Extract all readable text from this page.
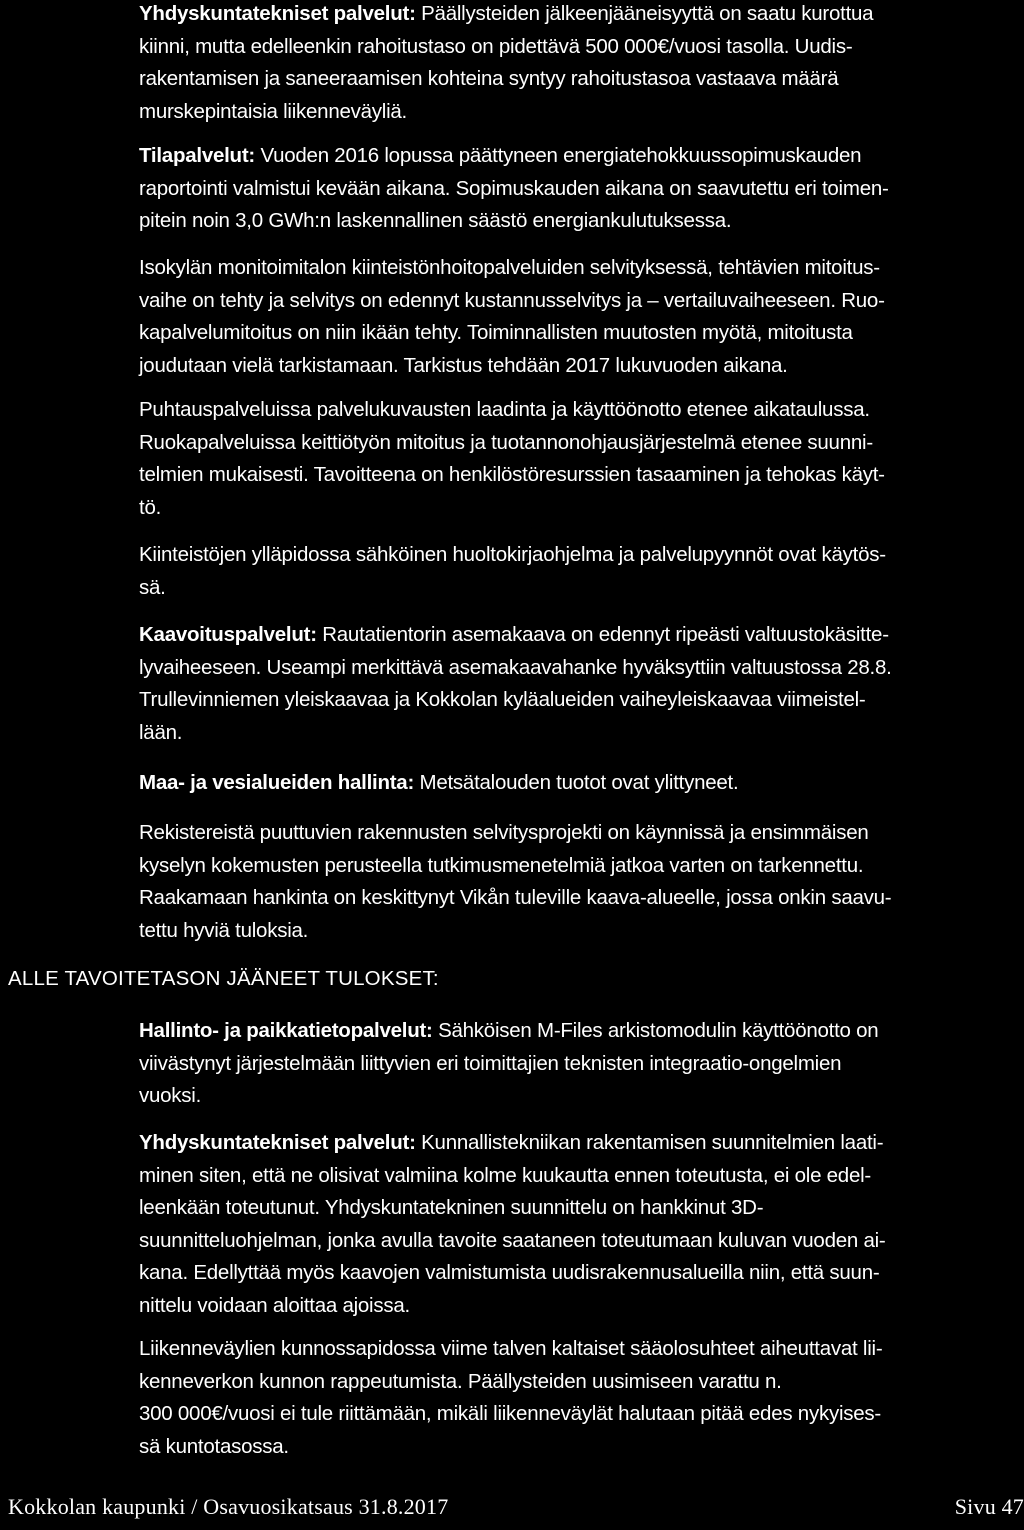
Yhdyskuntatekniset palvelut: Päällysteiden jälkeenjääneisyyttä on saatu kurottua
kiinni, mutta edelleenkin rahoitustaso on pidettävä 500 000€/vuosi tasolla. Uudis-
rakentamisen ja saneeraamisen kohteina syntyy rahoitustasoa vastaava määrä
murskepintaisia liikenneväyliä.
Tilapalvelut: Vuoden 2016 lopussa päättyneen energiatehokkuussopimuskauden
raportointi valmistui kevään aikana. Sopimuskauden aikana on saavutettu eri toimen-
pitein noin 3,0 GWh:n laskennallinen säästö energiankulutuksessa.
Isokylän monitoimitalon kiinteistönhoitopalveluiden selvityksessä, tehtävien mitoitus-
vaihe on tehty ja selvitys on edennyt kustannusselvitys ja – vertailuvaiheeseen. Ruo-
kapalvelumitoitus on niin ikään tehty. Toiminnallisten muutosten myötä, mitoitusta
joudutaan vielä tarkistamaan. Tarkistus tehdään 2017 lukuvuoden aikana.
Puhtauspalveluissa palvelukuvausten laadinta ja käyttöönotto etenee aikataulussa.
Ruokapalveluissa keittiötyön mitoitus ja tuotannonohjausjärjestelmä etenee suunni-
telmien mukaisesti. Tavoitteena on henkilöstöresurssien tasaaminen ja tehokas käyt-
tö.
Kiinteistöjen ylläpidossa sähköinen huoltokirjaohjelma ja palvelupyynnöt ovat käytös-
sä.
Kaavoituspalvelut: Rautatientorin asemakaava on edennyt ripeästi valtuustokäsitte-
lyvaiheeseen. Useampi merkittävä asemakaavahanke hyväksyttiin valtuustossa 28.8.
Trullevinniemen yleiskaavaa ja Kokkolan kyläalueiden vaiheyleiskaavaa viimeistel-
lään.
Maa- ja vesialueiden hallinta: Metsätalouden tuotot ovat ylittyneet.
Rekistereistä puuttuvien rakennusten selvitysprojekti on käynnissä ja ensimmäisen
kyselyn kokemusten perusteella tutkimusmenetelmiä jatkoa varten on tarkennettu.
Raakamaan hankinta on keskittynyt Vikån tuleville kaava-alueelle, jossa onkin saavu-
tettu hyviä tuloksia.
ALLE TAVOITETASON JÄÄNEET TULOKSET:
Hallinto- ja paikkatietopalvelut: Sähköisen M-Files arkistomodulin käyttöönotto on
viivästynyt järjestelmään liittyvien eri toimittajien teknisten integraatio-ongelmien
vuoksi.
Yhdyskuntatekniset palvelut: Kunnallistekniikan rakentamisen suunnitelmien laati-
minen siten, että ne olisivat valmiina kolme kuukautta ennen toteutusta, ei ole edel-
leenkään toteutunut. Yhdyskuntatekninen suunnittelu on hankkinut 3D-
suunnitteluohjelman, jonka avulla tavoite saataneen toteutumaan kuluvan vuoden ai-
kana. Edellyttää myös kaavojen valmistumista uudisrakennusalueilla niin, että suun-
nittelu voidaan aloittaa ajoissa.
Liikenneväylien kunnossapidossa viime talven kaltaiset sääolosuhteet aiheuttavat lii-
kenneverkon kunnon rappeutumista. Päällysteiden uusimiseen varattu n.
300 000€/vuosi ei tule riittämään, mikäli liikenneväylät halutaan pitää edes nykyises-
sä kuntotasossa.
Kokkolan kaupunki / Osavuosikatsaus 31.8.2017	Sivu 47
